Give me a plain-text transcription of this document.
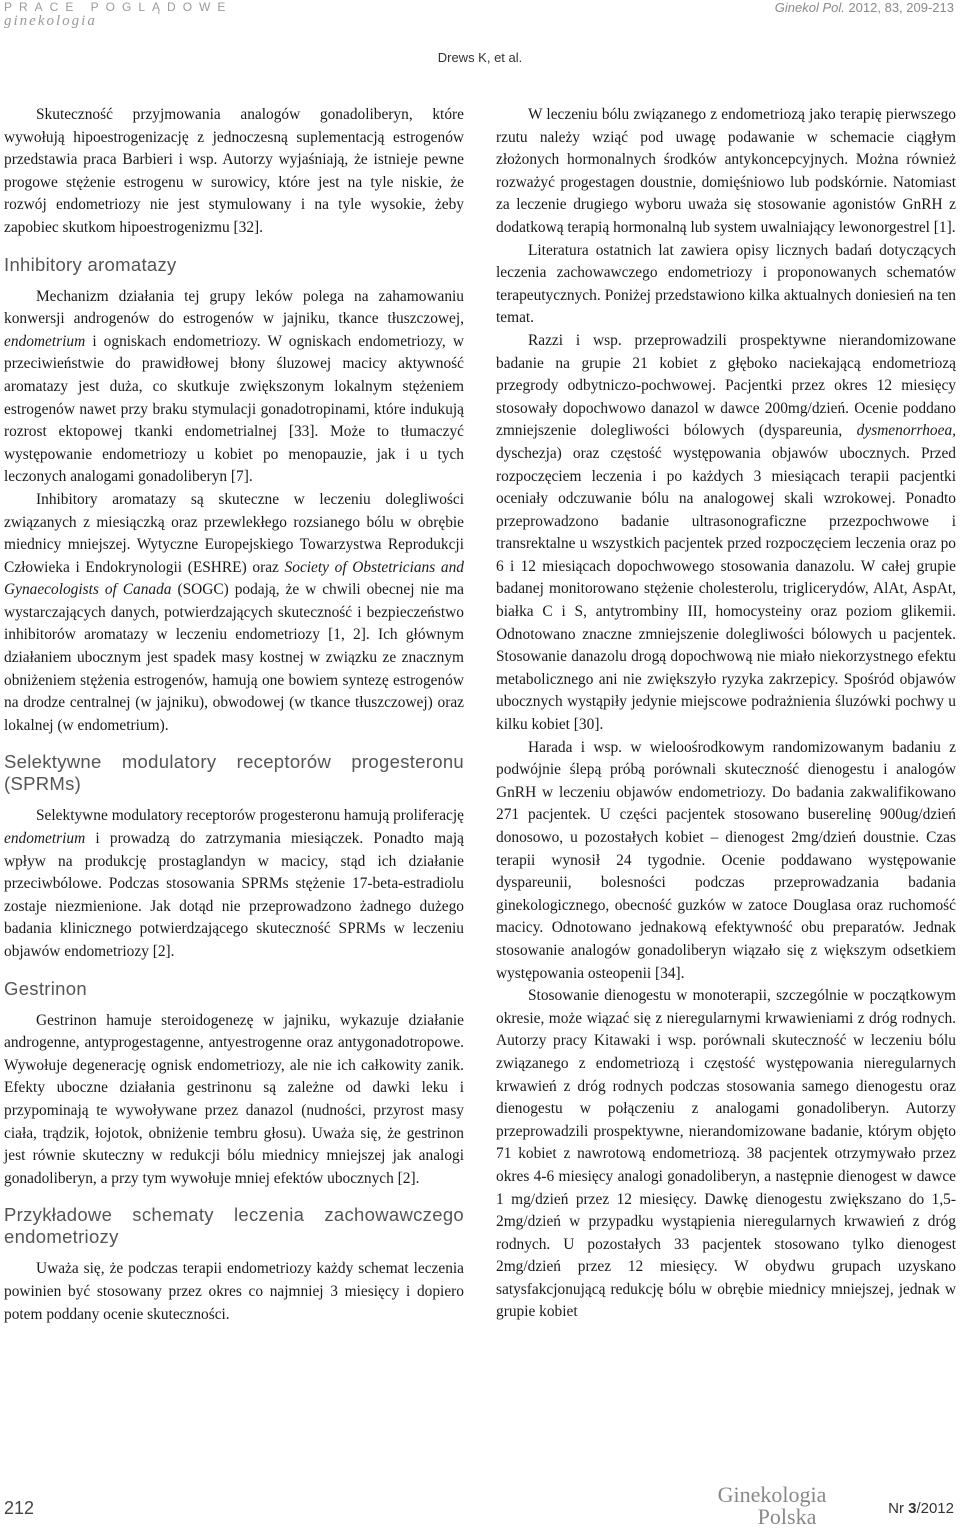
PRACE POGLĄDOWE
ginekologia
Ginekol Pol. 2012, 83, 209-213
Drews K, et al.

Skuteczność przyjmowania analogów gonadoliberyn, które wywołują hipoestrogenizację z jednoczesną suplementacją estrogenów przedstawia praca Barbieri i wsp. Autorzy wyjaśniają, że istnieje pewne progowe stężenie estrogenu w surowicy, które jest na tyle niskie, że rozwój endometriozy nie jest stymulowany i na tyle wysokie, żeby zapobiec skutkom hipoestrogenizmu [32].

Inhibitory aromatazy

Mechanizm działania tej grupy leków polega na zahamowaniu konwersji androgenów do estrogenów w jajniku, tkance tłuszczowej, endometrium i ogniskach endometriozy. W ogniskach endometriozy, w przeciwieństwie do prawidłowej błony śluzowej macicy aktywność aromatazy jest duża, co skutkuje zwiększonym lokalnym stężeniem estrogenów nawet przy braku stymulacji gonadotropinami, które indukują rozrost ektopowej tkanki endometrialnej [33]. Może to tłumaczyć występowanie endometriozy u kobiet po menopauzie, jak i u tych leczonych analogami gonadoliberyn [7].

Inhibitory aromatazy są skuteczne w leczeniu dolegliwości związanych z miesiączką oraz przewlekłego rozsianego bólu w obrębie miednicy mniejszej. Wytyczne Europejskiego Towarzystwa Reprodukcji Człowieka i Endokrynologii (ESHRE) oraz Society of Obstetricians and Gynaecologists of Canada (SOGC) podają, że w chwili obecnej nie ma wystarczających danych, potwierdzających skuteczność i bezpieczeństwo inhibitorów aromatazy w leczeniu endometriozy [1, 2]. Ich głównym działaniem ubocznym jest spadek masy kostnej w związku ze znacznym obniżeniem stężenia estrogenów, hamują one bowiem syntezę estrogenów na drodze centralnej (w jajniku), obwodowej (w tkance tłuszczowej) oraz lokalnej (w endometrium).

Selektywne modulatory receptorów progesteronu (SPRMs)

Selektywne modulatory receptorów progesteronu hamują proliferację endometrium i prowadzą do zatrzymania miesiączek. Ponadto mają wpływ na produkcję prostaglandyn w macicy, stąd ich działanie przeciwbólowe. Podczas stosowania SPRMs stężenie 17-beta-estradiolu zostaje niezmienione. Jak dotąd nie przeprowadzono żadnego dużego badania klinicznego potwierdzającego skuteczność SPRMs w leczeniu objawów endometriozy [2].

Gestrinon

Gestrinon hamuje steroidogenezę w jajniku, wykazuje działanie androgenne, antyprogestagenne, antyestrogenne oraz antygonadotropowe. Wywołuje degenerację ognisk endometriozy, ale nie ich całkowity zanik. Efekty uboczne działania gestrinonu są zależne od dawki leku i przypominają te wywoływane przez danazol (nudności, przyrost masy ciała, trądzik, łojotok, obniżenie tembru głosu). Uważa się, że gestrinon jest równie skuteczny w redukcji bólu miednicy mniejszej jak analogi gonadoliberyn, a przy tym wywołuje mniej efektów ubocznych [2].

Przykładowe schematy leczenia zachowawczego endometriozy

Uważa się, że podczas terapii endometriozy każdy schemat leczenia powinien być stosowany przez okres co najmniej 3 miesięcy i dopiero potem poddany ocenie skuteczności.

W leczeniu bólu związanego z endometriozą jako terapię pierwszego rzutu należy wziąć pod uwagę podawanie w schemacie ciągłym złożonych hormonalnych środków antykoncepcyjnych. Można również rozważyć progestagen doustnie, domięśniowo lub podskórnie. Natomiast za leczenie drugiego wyboru uważa się stosowanie agonistów GnRH z dodatkową terapią hormonalną lub system uwalniający lewonorgestrel [1].

Literatura ostatnich lat zawiera opisy licznych badań dotyczących leczenia zachowawczego endometriozy i proponowanych schematów terapeutycznych. Poniżej przedstawiono kilka aktualnych doniesień na ten temat.

Razzi i wsp. przeprowadzili prospektywne nierandomizowane badanie na grupie 21 kobiet z głęboko naciekającą endometriozą przegrody odbytniczo-pochwowej. Pacjentki przez okres 12 miesięcy stosowały dopochwowo danazol w dawce 200mg/dzień. Ocenie poddano zmniejszenie dolegliwości bólowych (dyspareunia, dysmenorrhoea, dyschezja) oraz częstość występowania objawów ubocznych. Przed rozpoczęciem leczenia i po każdych 3 miesiącach terapii pacjentki oceniały odczuwanie bólu na analogowej skali wzrokowej. Ponadto przeprowadzono badanie ultrasonograficzne przezpochwowe i transrektalne u wszystkich pacjentek przed rozpoczęciem leczenia oraz po 6 i 12 miesiącach dopochwowego stosowania danazolu. W całej grupie badanej monitorowano stężenie cholesterolu, triglicerydów, AlAt, AspAt, białka C i S, antytrombiny III, homocysteiny oraz poziom glikemii. Odnotowano znaczne zmniejszenie dolegliwości bólowych u pacjentek. Stosowanie danazolu drogą dopochwową nie miało niekorzystnego efektu metabolicznego ani nie zwiększyło ryzyka zakrzepicy. Spośród objawów ubocznych wystąpiły jedynie miejscowe podrażnienia śluzówki pochwy u kilku kobiet [30].

Harada i wsp. w wieloośrodkowym randomizowanym badaniu z podwójnie ślepą próbą porównali skuteczność dienogestu i analogów GnRH w leczeniu objawów endometriozy. Do badania zakwalifikowano 271 pacjentek. U części pacjentek stosowano buserelinę 900ug/dzień donosowo, u pozostałych kobiet – dienogest 2mg/dzień doustnie. Czas terapii wynosił 24 tygodnie. Ocenie poddawano występowanie dyspareunii, bolesności podczas przeprowadzania badania ginekologicznego, obecność guzków w zatoce Douglasa oraz ruchomość macicy. Odnotowano jednakową efektywność obu preparatów. Jednak stosowanie analogów gonadoliberyn wiązało się z większym odsetkiem występowania osteopenii [34].

Stosowanie dienogestu w monoterapii, szczególnie w początkowym okresie, może wiązać się z nieregularnymi krwawieniami z dróg rodnych. Autorzy pracy Kitawaki i wsp. porównali skuteczność w leczeniu bólu związanego z endometriozą i częstość występowania nieregularnych krwawień z dróg rodnych podczas stosowania samego dienogestu oraz dienogestu w połączeniu z analogami gonadoliberyn. Autorzy przeprowadzili prospektywne, nierandomizowane badanie, którym objęto 71 kobiet z nawrotową endometriozą. 38 pacjentek otrzymywało przez okres 4-6 miesięcy analogi gonadoliberyn, a następnie dienogest w dawce 1 mg/dzień przez 12 miesięcy. Dawkę dienogestu zwiększano do 1,5-2mg/dzień w przypadku wystąpienia nieregularnych krwawień z dróg rodnych. U pozostałych 33 pacjentek stosowano tylko dienogest 2mg/dzień przez 12 miesięcy. W obydwu grupach uzyskano satysfakcjonującą redukcję bólu w obrębie miednicy mniejszej, jednak w grupie kobiet

212
Ginekologia
Polska	Nr 3/2012
